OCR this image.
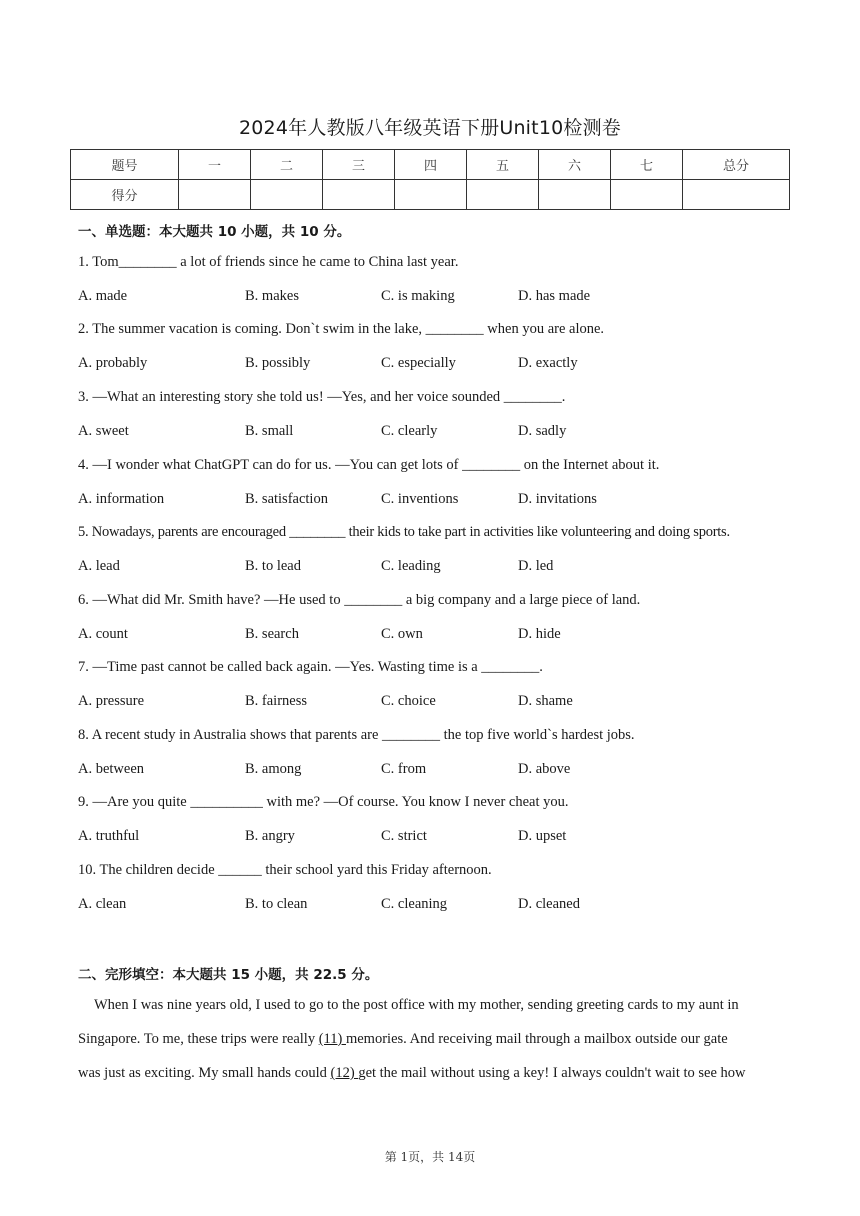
2024年人教版八年级英语下册Unit10检测卷
题号	一	二	三	四	五	六	七	总分
得分								
一、单选题：本大题共 10 小题，共 10 分。
1. Tom________ a lot of friends since he came to China last year.
A. made	B. makes	C. is making	D. has made
2. The summer vacation is coming. Don`t swim in the lake, ________ when you are alone.
A. probably	B. possibly	C. especially	D. exactly
3. —What an interesting story she told us! —Yes, and her voice sounded ________.
A. sweet	B. small	C. clearly	D. sadly
4. —I wonder what ChatGPT can do for us. —You can get lots of ________ on the Internet about it.
A. information	B. satisfaction	C. inventions	D. invitations
5. Nowadays, parents are encouraged ________ their kids to take part in activities like volunteering and doing sports.
A. lead	B. to lead	C. leading	D. led
6. —What did Mr. Smith have? —He used to ________ a big company and a large piece of land.
A. count	B. search	C. own	D. hide
7. —Time past cannot be called back again. —Yes. Wasting time is a ________.
A. pressure	B. fairness	C. choice	D. shame
8. A recent study in Australia shows that parents are ________ the top five world`s hardest jobs.
A. between	B. among	C. from	D. above
9. —Are you quite __________ with me? —Of course. You know I never cheat you.
A. truthful	B. angry	C. strict	D. upset
10. The children decide ______ their school yard this Friday afternoon.
A. clean	B. to clean	C. cleaning	D. cleaned
二、完形填空：本大题共 15 小题，共 22.5 分。
When I was nine years old, I used to go to the post office with my mother, sending greeting cards to my aunt in
Singapore. To me, these trips were really (11) memories. And receiving mail through a mailbox outside our gate
was just as exciting. My small hands could (12) get the mail without using a key! I always couldn't wait to see how
第 1页，共 14页
